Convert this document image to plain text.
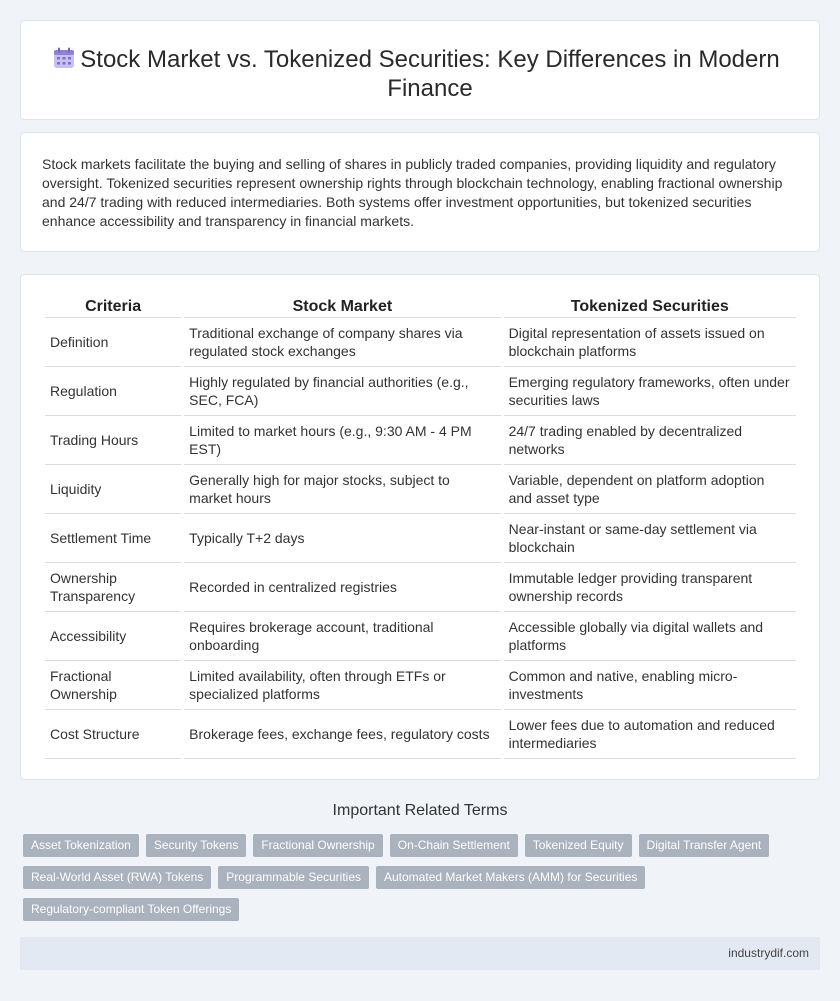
Stock Market vs. Tokenized Securities: Key Differences in Modern Finance

Stock markets facilitate the buying and selling of shares in publicly traded companies, providing liquidity and regulatory oversight. Tokenized securities represent ownership rights through blockchain technology, enabling fractional ownership and 24/7 trading with reduced intermediaries. Both systems offer investment opportunities, but tokenized securities enhance accessibility and transparency in financial markets.

Criteria	Stock Market	Tokenized Securities
Definition	Traditional exchange of company shares via regulated stock exchanges	Digital representation of assets issued on blockchain platforms
Regulation	Highly regulated by financial authorities (e.g., SEC, FCA)	Emerging regulatory frameworks, often under securities laws
Trading Hours	Limited to market hours (e.g., 9:30 AM - 4 PM EST)	24/7 trading enabled by decentralized networks
Liquidity	Generally high for major stocks, subject to market hours	Variable, dependent on platform adoption and asset type
Settlement Time	Typically T+2 days	Near-instant or same-day settlement via blockchain
Ownership Transparency	Recorded in centralized registries	Immutable ledger providing transparent ownership records
Accessibility	Requires brokerage account, traditional onboarding	Accessible globally via digital wallets and platforms
Fractional Ownership	Limited availability, often through ETFs or specialized platforms	Common and native, enabling micro-investments
Cost Structure	Brokerage fees, exchange fees, regulatory costs	Lower fees due to automation and reduced intermediaries
Important Related Terms
Asset Tokenization	Security Tokens	Fractional Ownership	On-Chain Settlement	Tokenized Equity	Digital Transfer Agent
Real-World Asset (RWA) Tokens	Programmable Securities	Automated Market Makers (AMM) for Securities
Regulatory-compliant Token Offerings
industrydif.com
